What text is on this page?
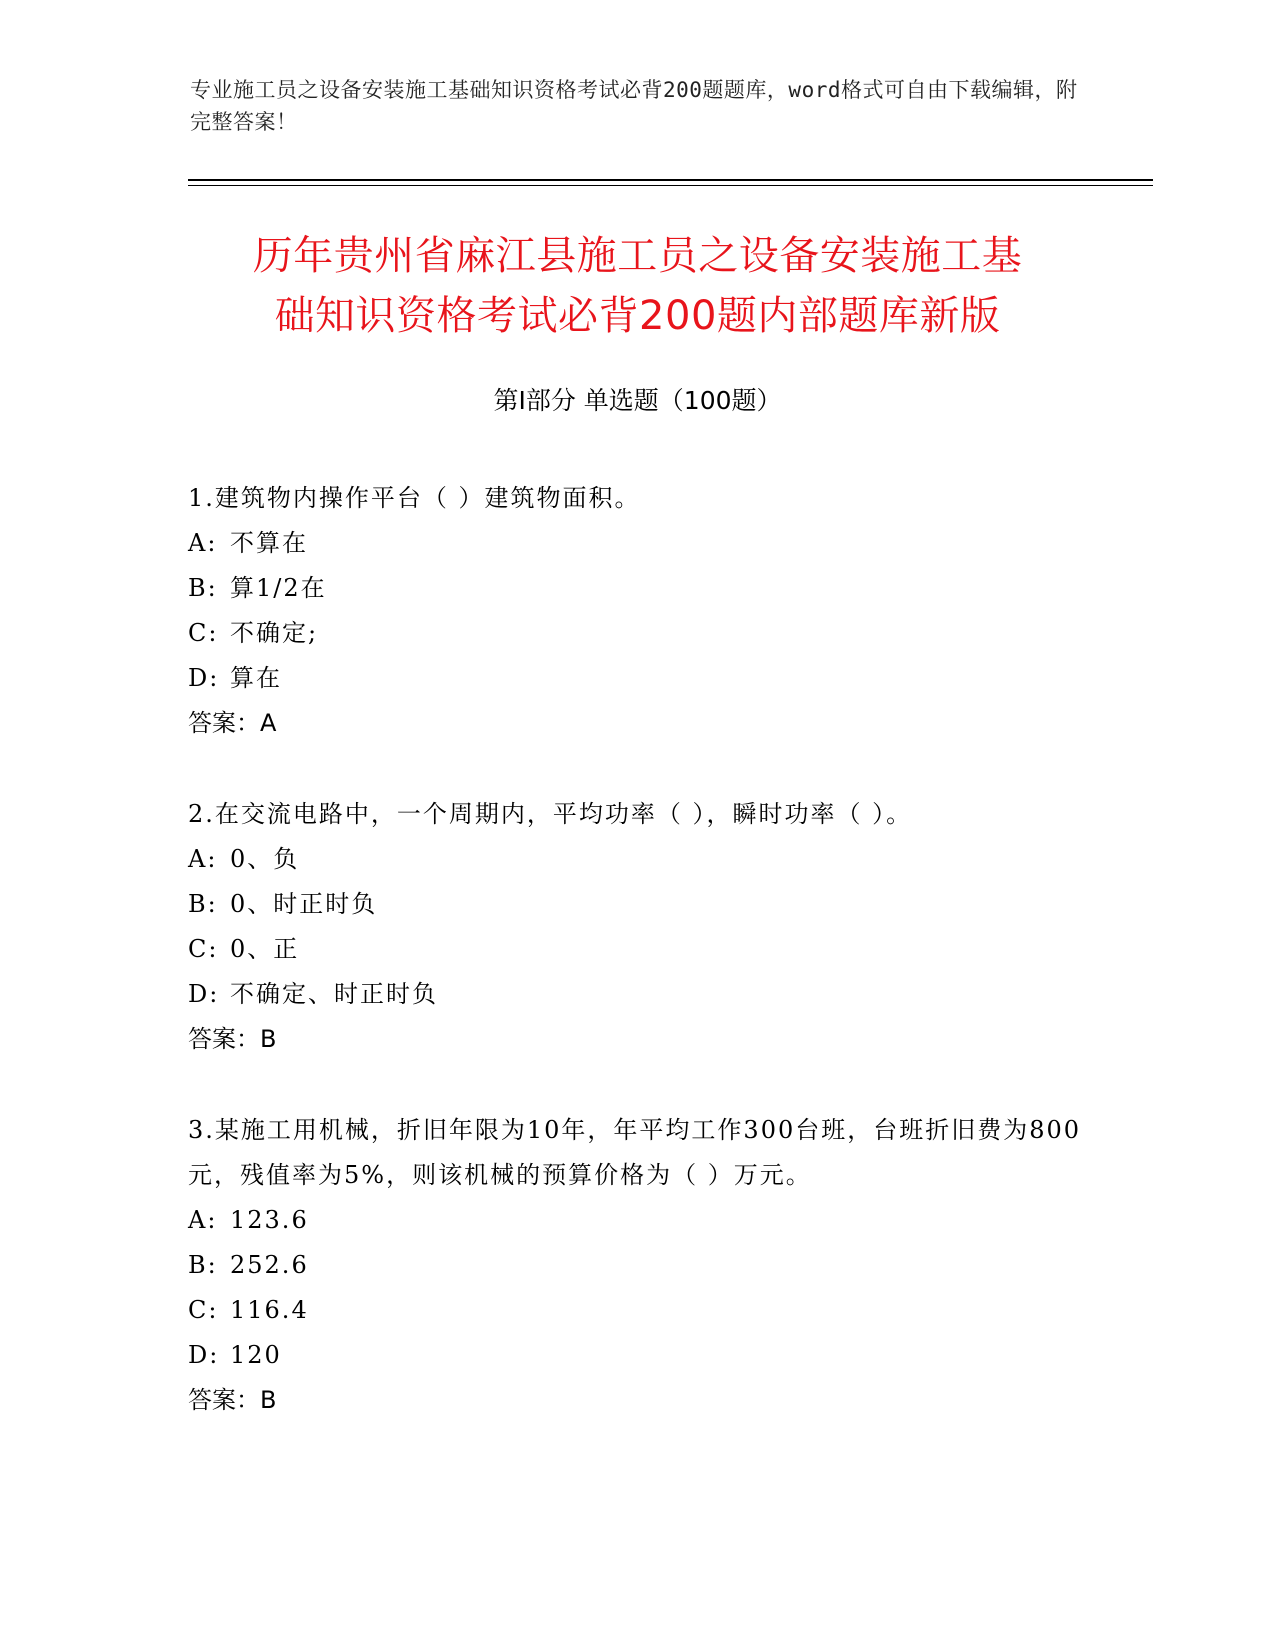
专业施工员之设备安装施工基础知识资格考试必背200题题库，word格式可自由下载编辑，附完整答案！
历年贵州省麻江县施工员之设备安装施工基
础知识资格考试必背200题内部题库新版
第Ⅰ部分 单选题（100题）

1.建筑物内操作平台（ ）建筑物面积。

A: 不算在

B: 算1/2在

C: 不确定;

D: 算在

答案：A

2.在交流电路中，一个周期内，平均功率（ ），瞬时功率（ ）。

A: 0、负

B: 0、时正时负

C: 0、正

D: 不确定、时正时负

答案：B

3.某施工用机械，折旧年限为10年，年平均工作300台班，台班折旧费为800元，残值率为5%，则该机械的预算价格为（ ）万元。

A: 123.6

B: 252.6

C: 116.4

D: 120

答案：B
